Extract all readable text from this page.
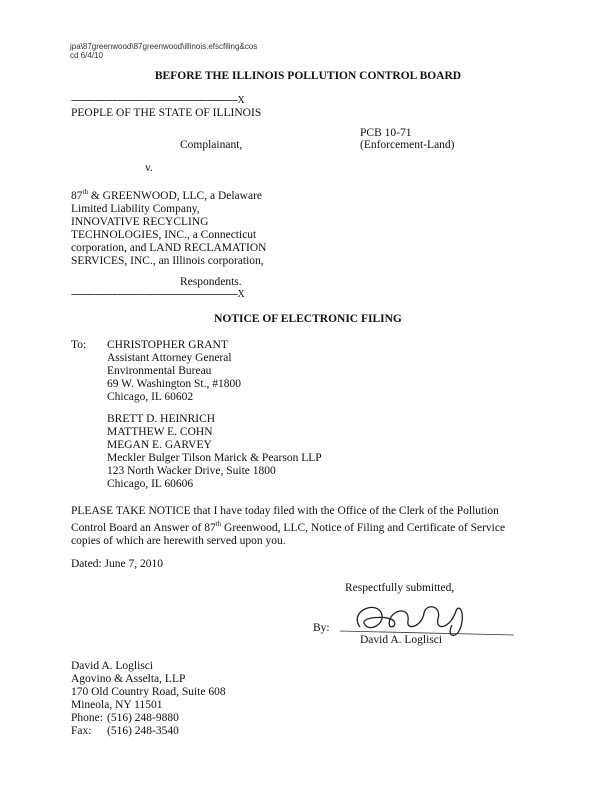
jpa\87greenwood\87greenwood\illinois.efscfiling&cos
cd 6/4/10
BEFORE THE ILLINOIS POLLUTION CONTROL BOARD
-------------------------------------------------------------X
PEOPLE OF THE STATE OF ILLINOIS
PCB 10-71
Complainant,	(Enforcement-Land)
v.
87th & GREENWOOD, LLC, a Delaware
Limited Liability Company,
INNOVATIVE RECYCLING
TECHNOLOGIES, INC., a Connecticut
corporation, and LAND RECLAMATION
SERVICES, INC., an Illinois corporation,
Respondents.
-------------------------------------------------------------X
NOTICE OF ELECTRONIC FILING
To: CHRISTOPHER GRANT
Assistant Attorney General
Environmental Bureau
69 W. Washington St., #1800
Chicago, IL 60602
BRETT D. HEINRICH
MATTHEW E. COHN
MEGAN E. GARVEY
Meckler Bulger Tilson Marick & Pearson LLP
123 North Wacker Drive, Suite 1800
Chicago, IL 60606
PLEASE TAKE NOTICE that I have today filed with the Office of the Clerk of the Pollution
Control Board an Answer of 87th Greenwood, LLC, Notice of Filing and Certificate of Service
copies of which are herewith served upon you.
Dated: June 7, 2010
Respectfully submitted,
By:
David A. Loglisci
David A. Loglisci
Agovino & Asselta, LLP
170 Old Country Road, Suite 608
Mineola, NY 11501
Phone: (516) 248-9880
Fax: (516) 248-3540
